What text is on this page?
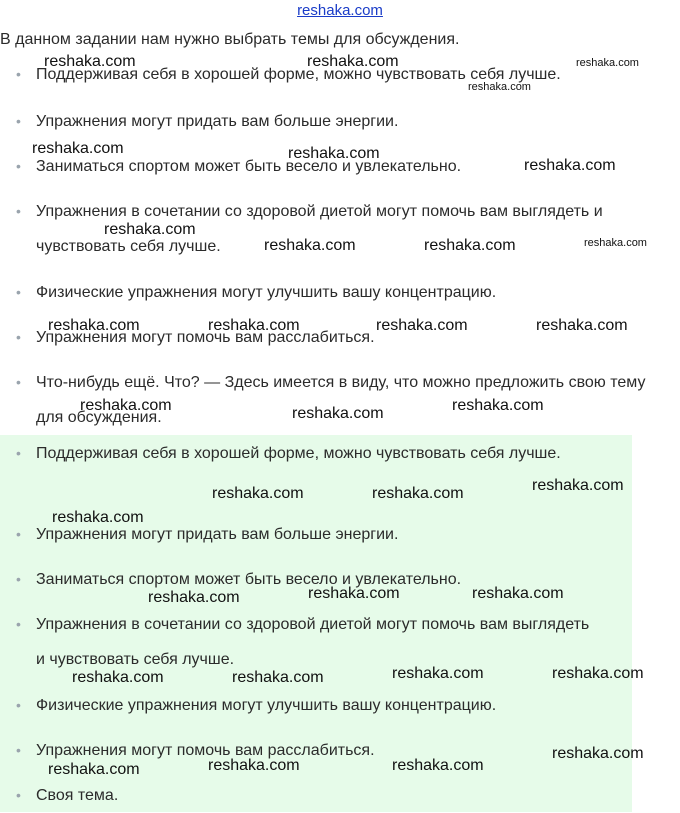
reshaka.com

В данном задании нам нужно выбрать темы для обсуждения.

• Поддерживая себя в хорошей форме, можно чувствовать себя лучше.
• Упражнения могут придать вам больше энергии.
• Заниматься спортом может быть весело и увлекательно.
• Упражнения в сочетании со здоровой диетой могут помочь вам выглядеть и чувствовать себя лучше.
• Физические упражнения могут улучшить вашу концентрацию.
• Упражнения могут помочь вам расслабиться.
• Что-нибудь ещё. Что? — Здесь имеется в виду, что можно предложить свою тему для обсуждения.
• Поддерживая себя в хорошей форме, можно чувствовать себя лучше.
• Упражнения могут придать вам больше энергии.
• Заниматься спортом может быть весело и увлекательно.
• Упражнения в сочетании со здоровой диетой могут помочь вам выглядеть и чувствовать себя лучше.
• Физические упражнения могут улучшить вашу концентрацию.
• Упражнения могут помочь вам расслабиться.
• Своя тема.
reshaka.com	reshaka.com	reshaka.com
reshaka.com
reshaka.com	reshaka.com
reshaka.com
reshaka.com
reshaka.com	reshaka.com	reshaka.com
reshaka.com	reshaka.com	reshaka.com	reshaka.com
reshaka.com	reshaka.com	reshaka.com
reshaka.com	reshaka.com	reshaka.com
reshaka.com
reshaka.com	reshaka.com	reshaka.com
reshaka.com	reshaka.com	reshaka.com	reshaka.com
reshaka.com	reshaka.com	reshaka.com
reshaka.com
